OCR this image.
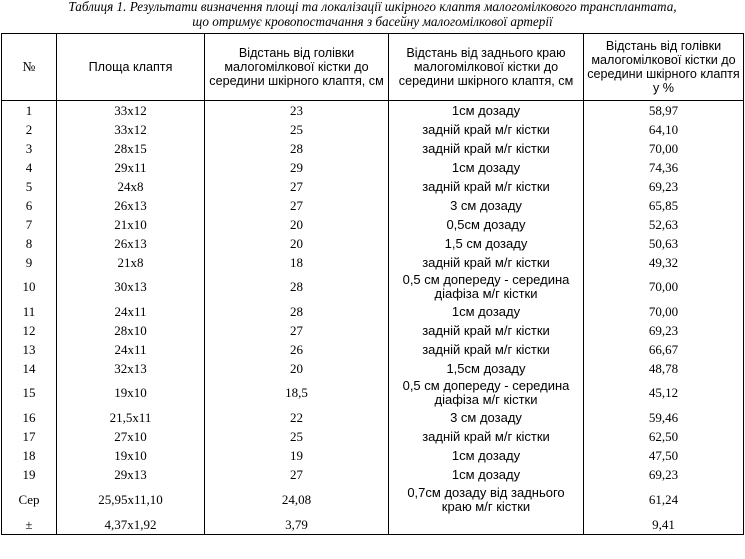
Таблиця 1. Результати визначення площі та локалізації шкірного клаптя малогомілкового трансплантата,
що отримує кровопостачання з басейну малогомілкової артерії
№	Площа клаптя	Відстань від голівки малогомілкової кістки до середини шкірного клаптя, см	Відстань від заднього краю малогомілкової кістки до середини шкірного клаптя, см	Відстань від голівки малогомілкової кістки до середини шкірного клаптя у %
1	33x12	23	1см дозаду	58,97
2	33x12	25	задній край м/г кістки	64,10
3	28x15	28	задній край м/г кістки	70,00
4	29x11	29	1см дозаду	74,36
5	24x8	27	задній край м/г кістки	69,23
6	26x13	27	3 см дозаду	65,85
7	21x10	20	0,5см дозаду	52,63
8	26x13	20	1,5 см дозаду	50,63
9	21x8	18	задній край м/г кістки	49,32
10	30x13	28	0,5 см допереду - середина діафіза м/г кістки	70,00
11	24x11	28	1см дозаду	70,00
12	28x10	27	задній край м/г кістки	69,23
13	24x11	26	задній край м/г кістки	66,67
14	32x13	20	1,5см дозаду	48,78
15	19x10	18,5	0,5 см допереду - середина діафіза м/г кістки	45,12
16	21,5x11	22	3 см дозаду	59,46
17	27x10	25	задній край м/г кістки	62,50
18	19x10	19	1см дозаду	47,50
19	29x13	27	1см дозаду	69,23
Сер	25,95x11,10	24,08	0,7см дозаду від заднього краю м/г кістки	61,24
±	4,37x1,92	3,79		9,41
